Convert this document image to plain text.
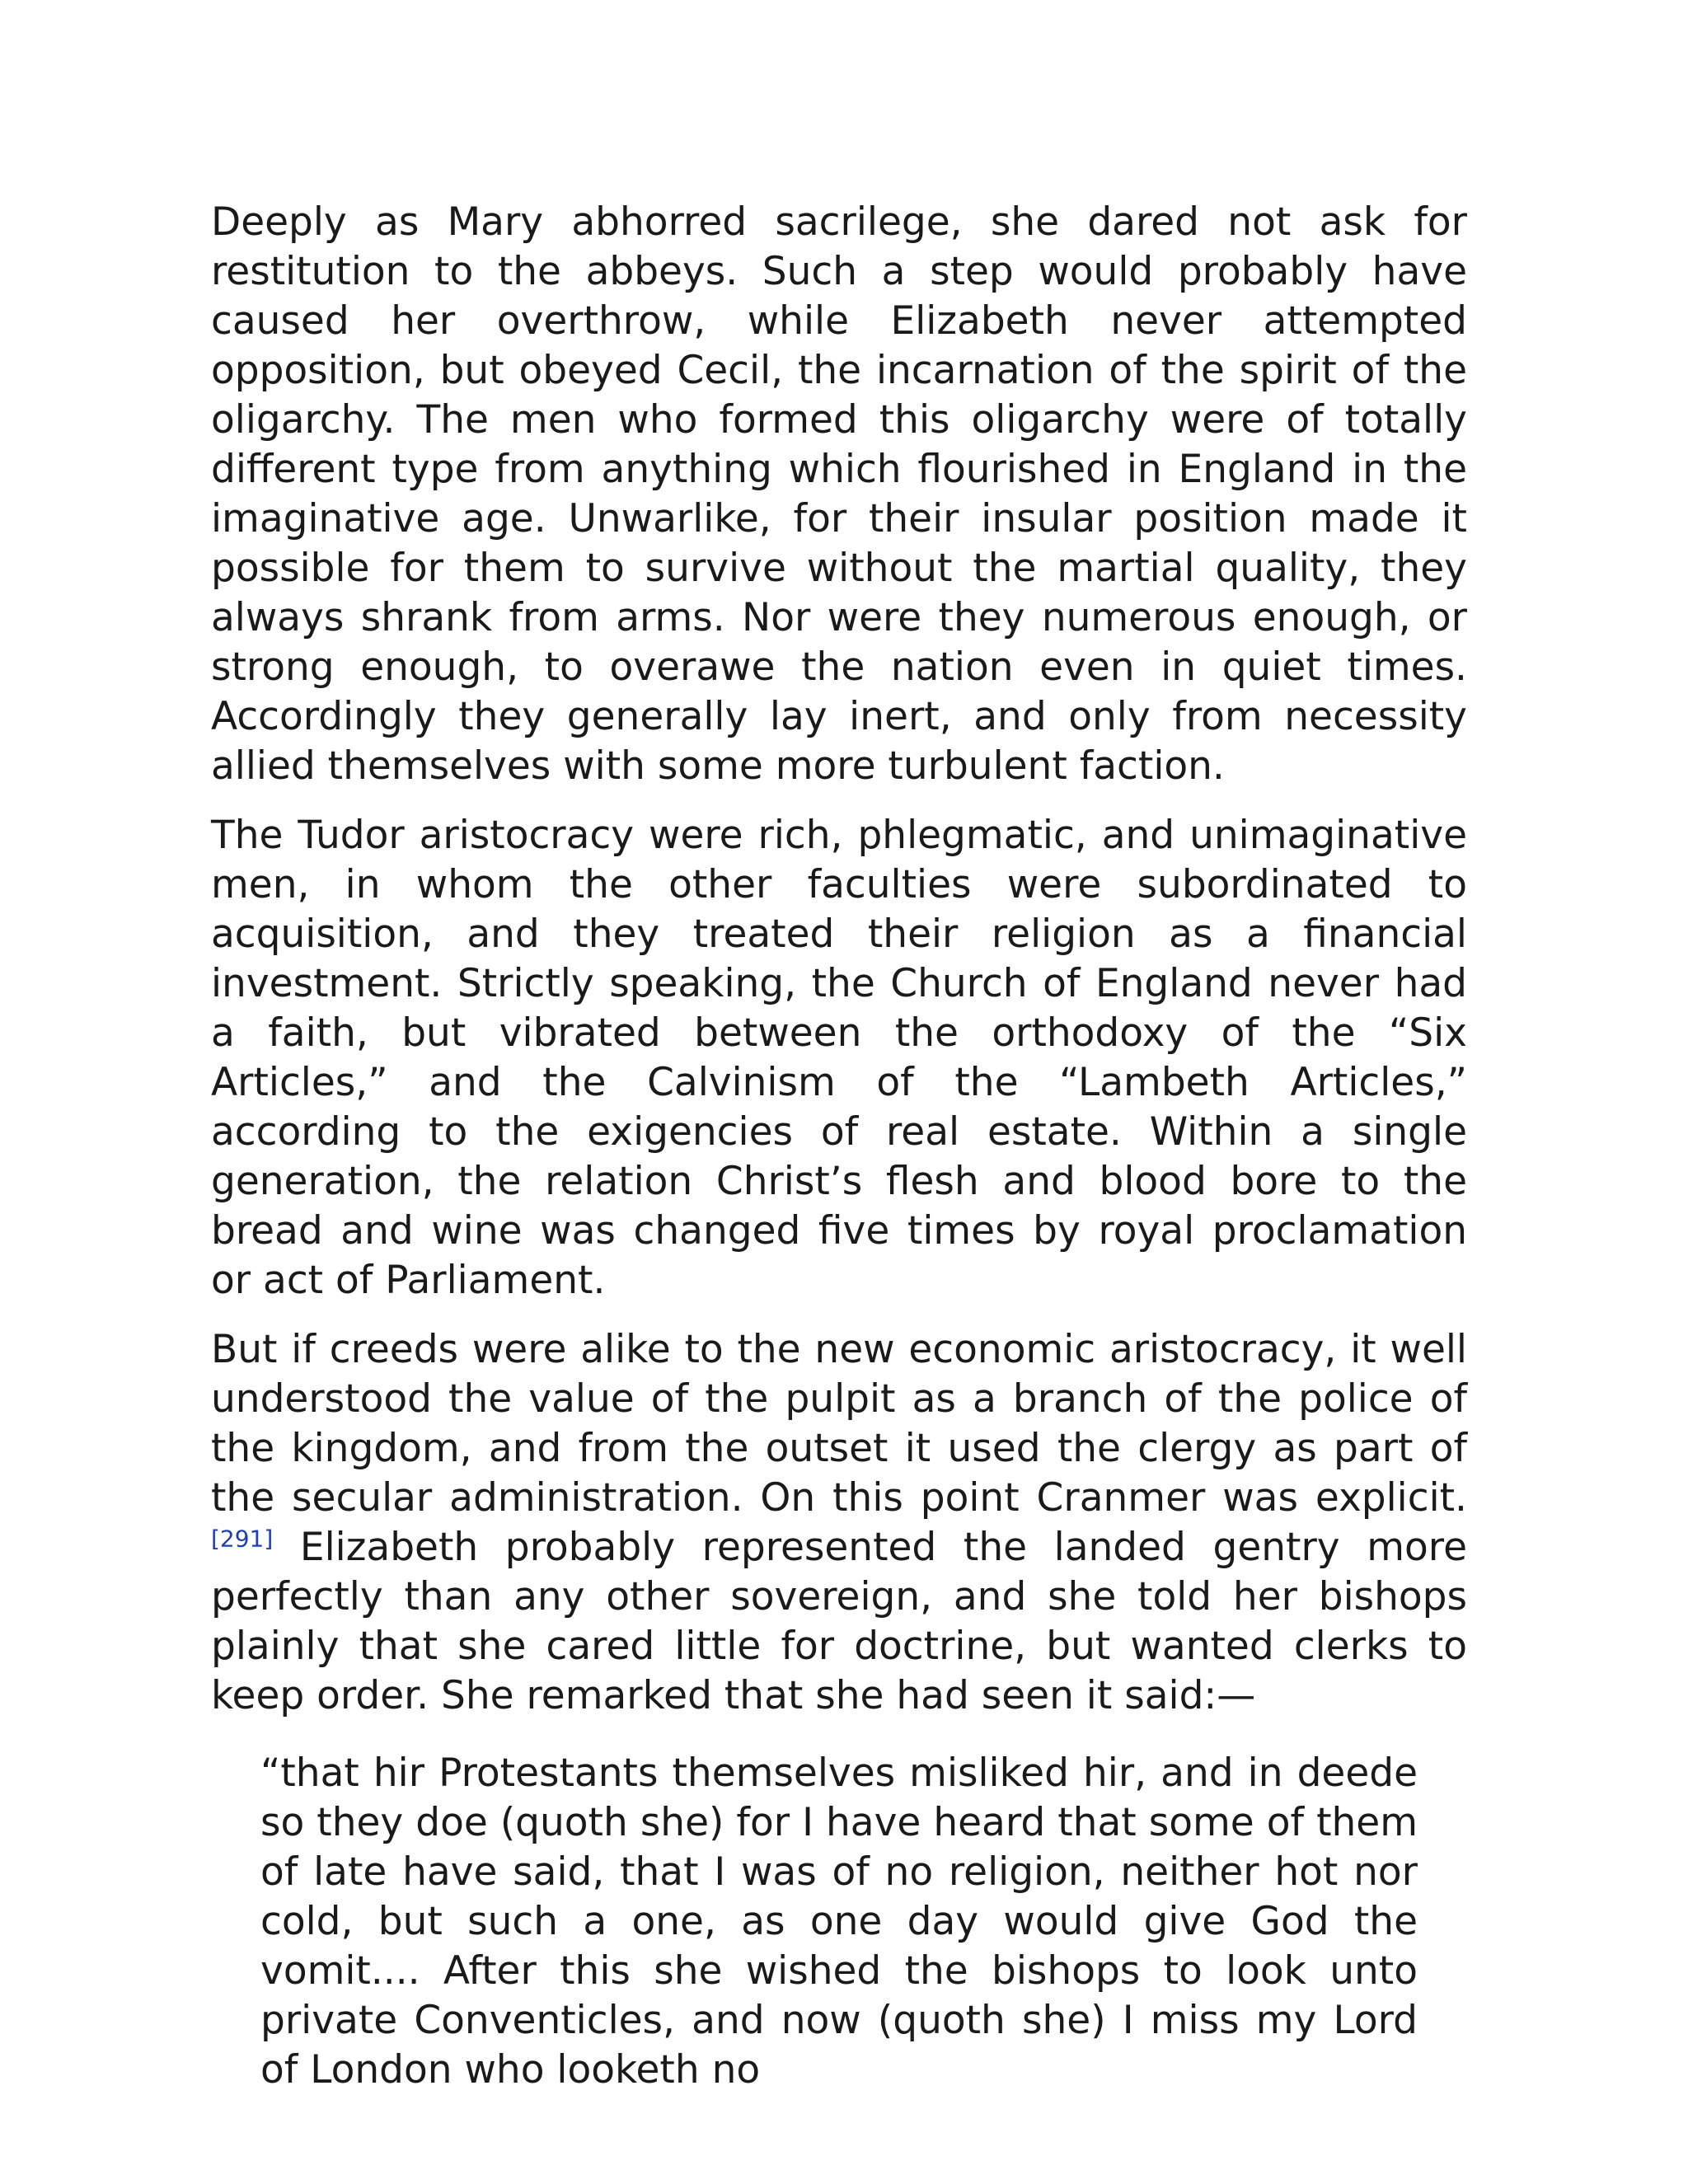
Deeply as Mary abhorred sacrilege, she dared not ask for restitution to the abbeys. Such a step would probably have caused her overthrow, while Elizabeth never attempted opposition, but obeyed Cecil, the incarnation of the spirit of the oligarchy. The men who formed this oligarchy were of totally different type from anything which flourished in England in the imaginative age. Unwarlike, for their insular position made it possible for them to survive without the martial quality, they always shrank from arms. Nor were they numerous enough, or strong enough, to overawe the nation even in quiet times. Accordingly they generally lay inert, and only from necessity allied themselves with some more turbulent faction.

The Tudor aristocracy were rich, phlegmatic, and unimaginative men, in whom the other faculties were subordinated to acquisition, and they treated their religion as a financial investment. Strictly speaking, the Church of England never had a faith, but vibrated between the orthodoxy of the “Six Articles,” and the Calvinism of the “Lambeth Articles,” according to the exigencies of real estate. Within a single generation, the relation Christ’s flesh and blood bore to the bread and wine was changed five times by royal proclamation or act of Parliament.

But if creeds were alike to the new economic aristocracy, it well understood the value of the pulpit as a branch of the police of the kingdom, and from the outset it used the clergy as part of the secular administration. On this point Cranmer was explicit.[291] Elizabeth probably represented the landed gentry more perfectly than any other sovereign, and she told her bishops plainly that she cared little for doctrine, but wanted clerks to keep order. She remarked that she had seen it said:—

“that hir Protestants themselves misliked hir, and in deede so they doe (quoth she) for I have heard that some of them of late have said, that I was of no religion, neither hot nor cold, but such a one, as one day would give God the vomit.... After this she wished the bishops to look unto private Conventicles, and now (quoth she) I miss my Lord of London who looketh no
